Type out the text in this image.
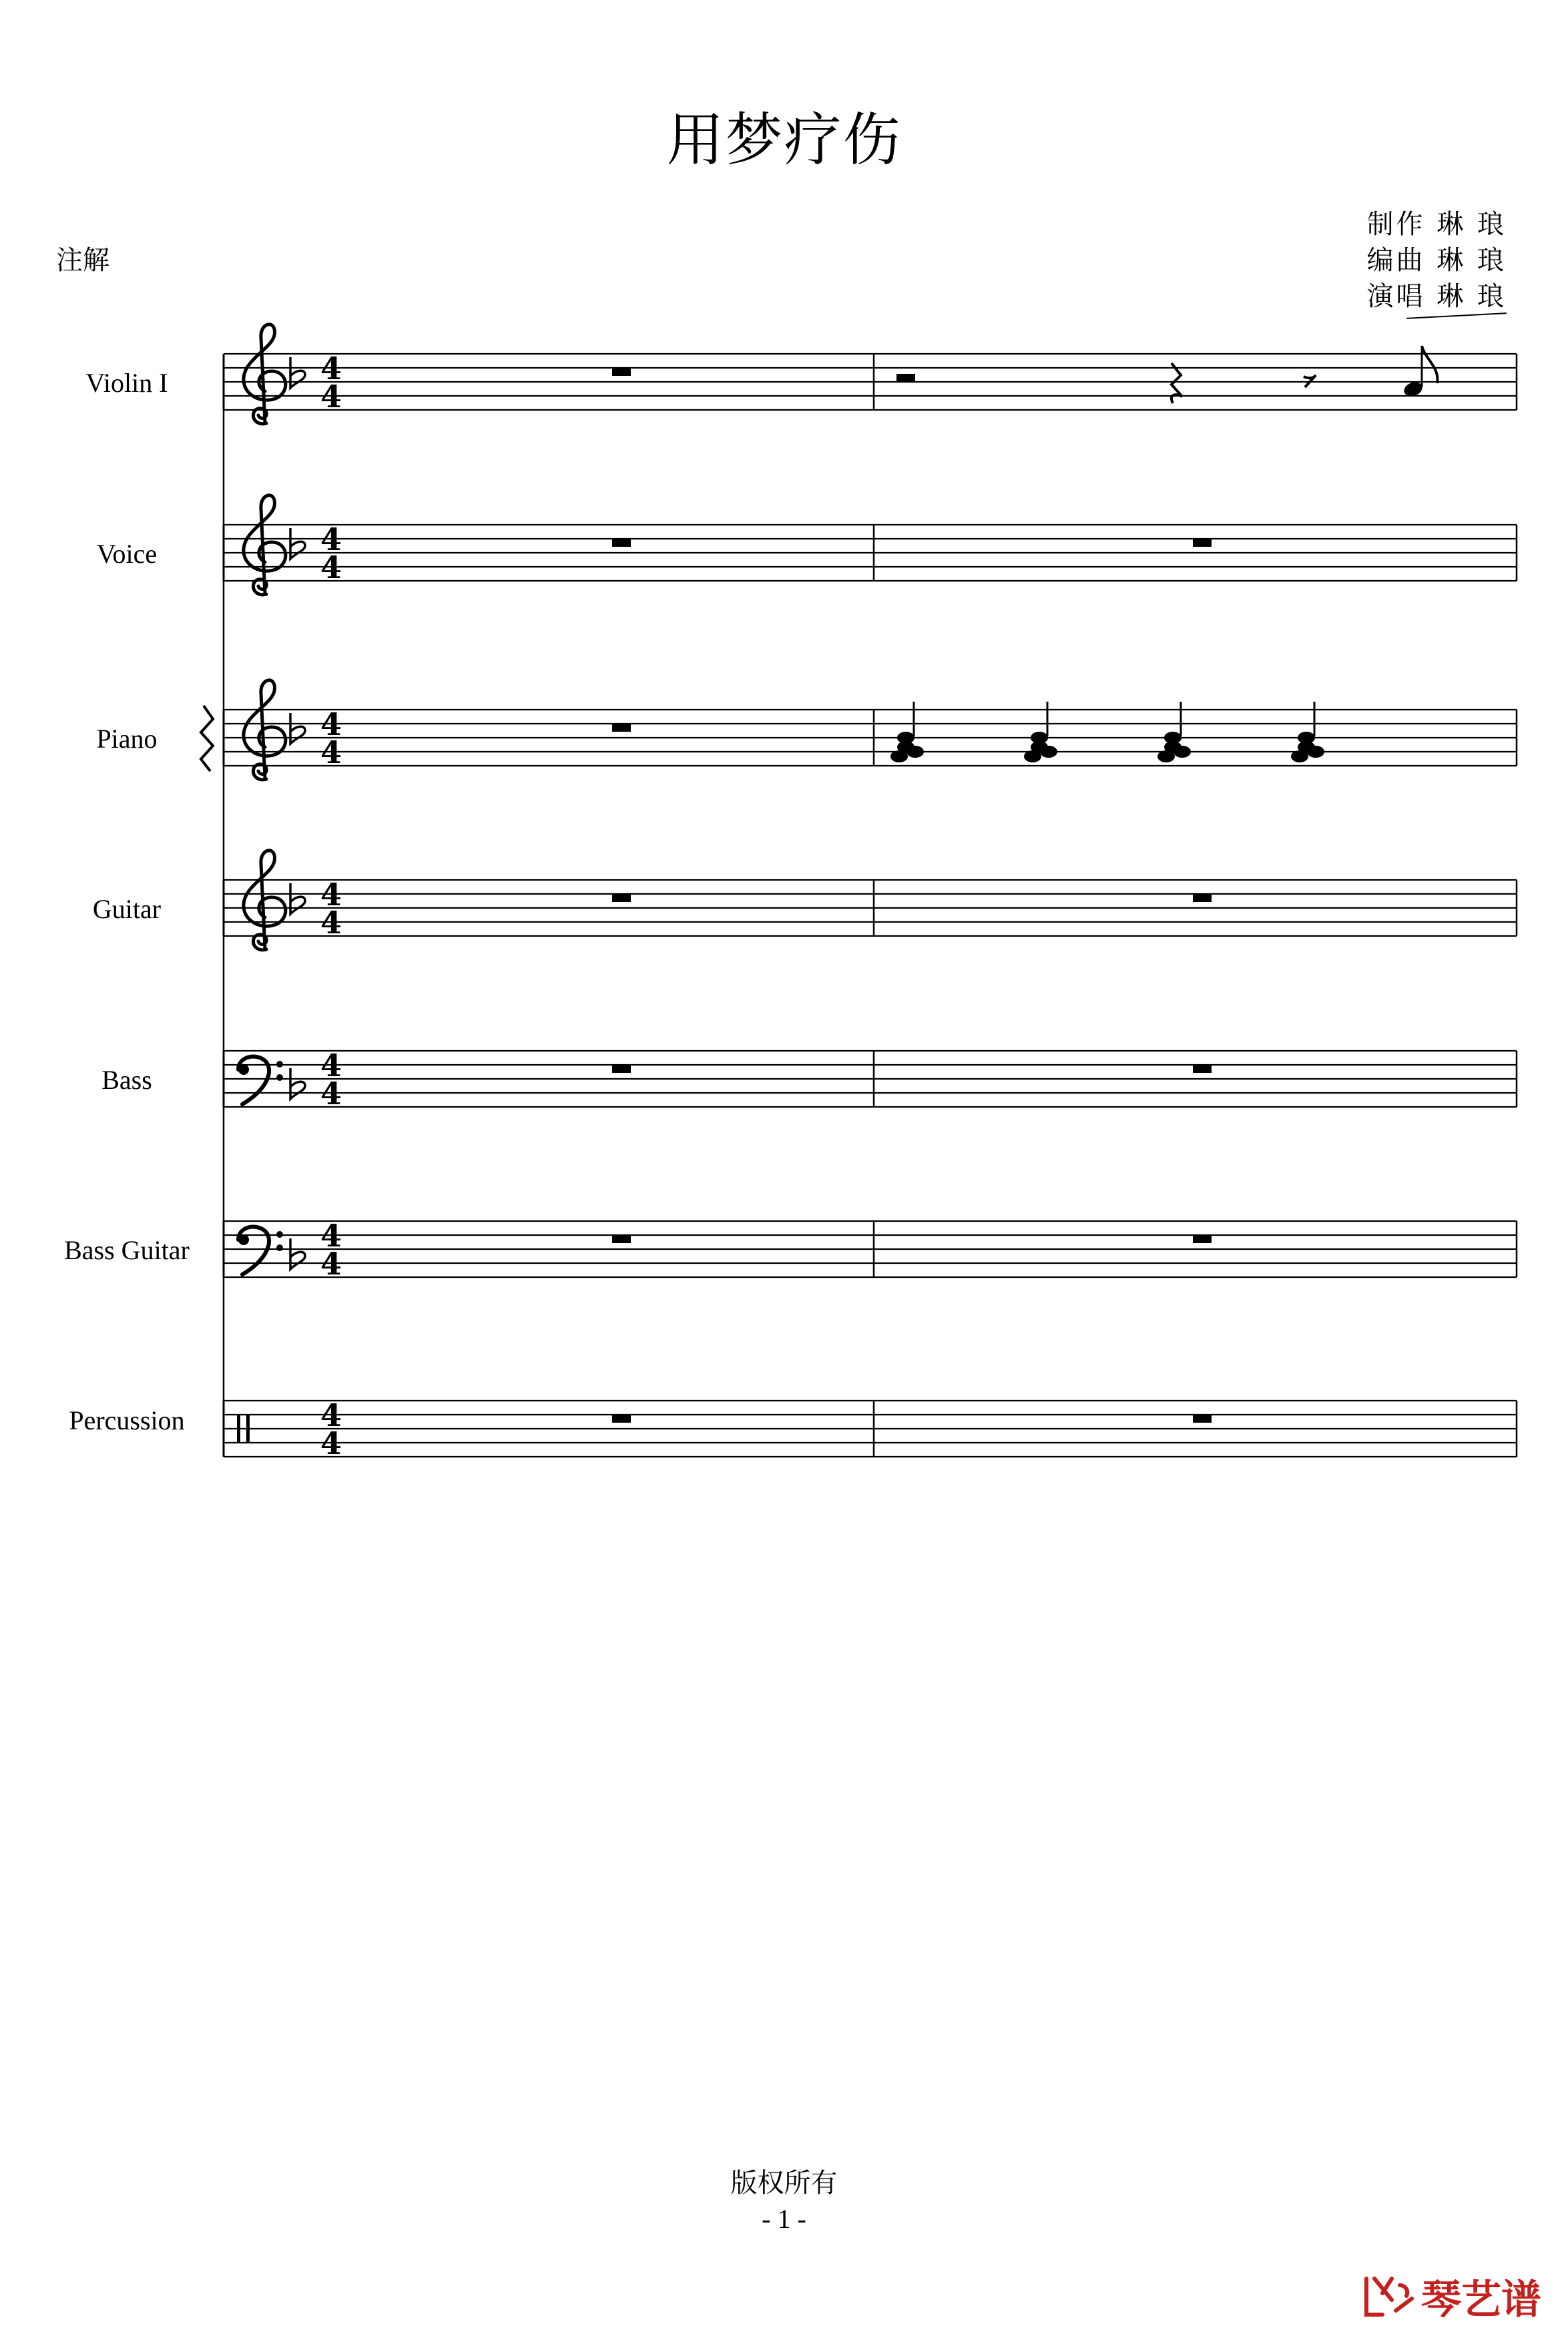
用梦疗伤
注解
制作 琳 琅
编曲 琳 琅
演唱 琳 琅
Violin I
Voice
Piano
Guitar
Bass
Bass Guitar
Percussion
4
4
版权所有
- 1 -
琴艺谱
